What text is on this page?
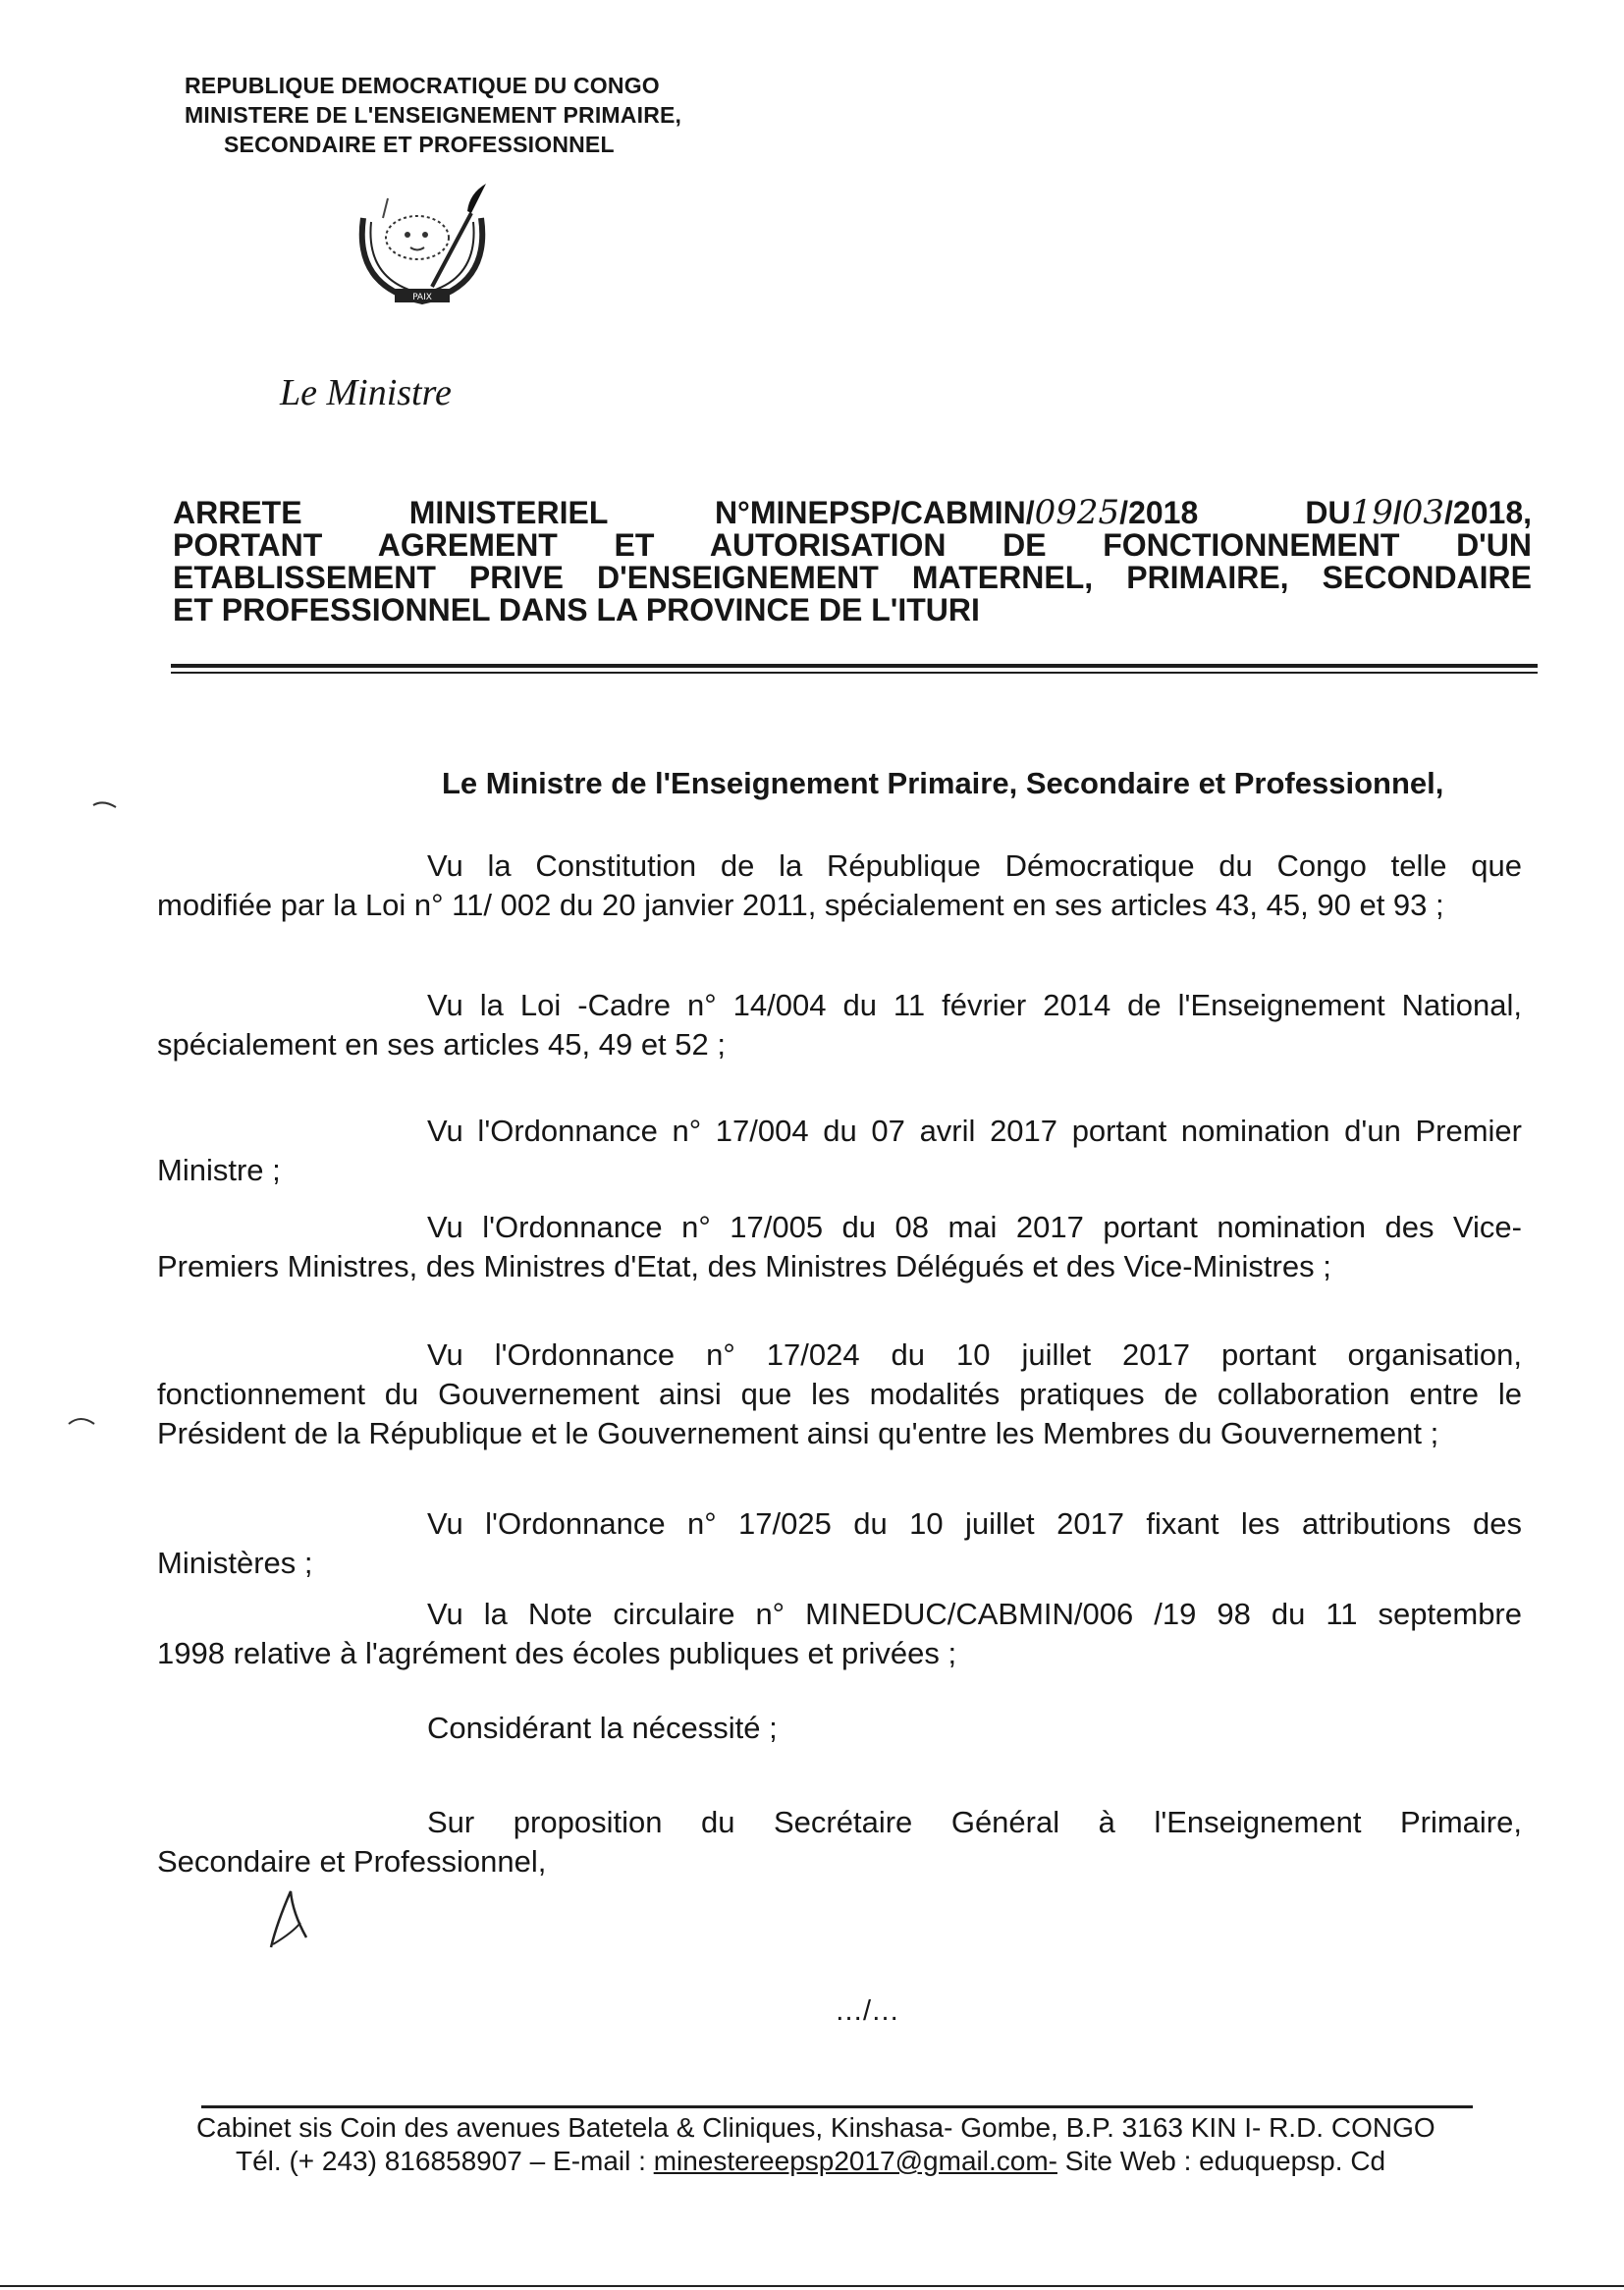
REPUBLIQUE DEMOCRATIQUE DU CONGO
MINISTERE DE L'ENSEIGNEMENT PRIMAIRE,
SECONDAIRE ET PROFESSIONNEL
PAIX
Le Ministre
ARRETE MINISTERIEL N°MINEPSP/CABMIN/0925/2018 DU19/03/2018,
PORTANT AGREMENT ET AUTORISATION DE FONCTIONNEMENT D'UN
ETABLISSEMENT PRIVE D'ENSEIGNEMENT MATERNEL, PRIMAIRE, SECONDAIRE
ET PROFESSIONNEL DANS LA PROVINCE DE L'ITURI
Le Ministre de l'Enseignement Primaire, Secondaire et Professionnel,
Vu la Constitution de la République Démocratique du Congo telle que
modifiée par la Loi n° 11/ 002 du 20 janvier 2011, spécialement en ses articles 43, 45, 90 et 93 ;
Vu la Loi -Cadre n° 14/004 du 11 février 2014 de l'Enseignement National,
spécialement en ses articles 45, 49 et 52 ;
Vu l'Ordonnance n° 17/004 du 07 avril 2017 portant nomination d'un Premier
Ministre ;
Vu l'Ordonnance n° 17/005 du 08 mai 2017 portant nomination des Vice-
Premiers Ministres, des Ministres d'Etat, des Ministres Délégués et des Vice-Ministres ;
Vu l'Ordonnance n° 17/024 du 10 juillet 2017 portant organisation,
fonctionnement du Gouvernement ainsi que les modalités pratiques de collaboration entre le Président de la République et le Gouvernement ainsi qu'entre les Membres du Gouvernement ;
Vu l'Ordonnance n° 17/025 du 10 juillet 2017 fixant les attributions des
Ministères ;
Vu la Note circulaire n° MINEDUC/CABMIN/006 /19 98 du 11 septembre
1998 relative à l'agrément des écoles publiques et privées ;
Considérant la nécessité ;
Sur proposition du Secrétaire Général à l'Enseignement Primaire,
Secondaire et Professionnel,
…/…
Cabinet sis Coin des avenues Batetela & Cliniques, Kinshasa- Gombe, B.P. 3163 KIN I- R.D. CONGO
Tél. (+ 243) 816858907 – E-mail : minestereepsp2017@gmail.com- Site Web : eduquepsp. Cd
